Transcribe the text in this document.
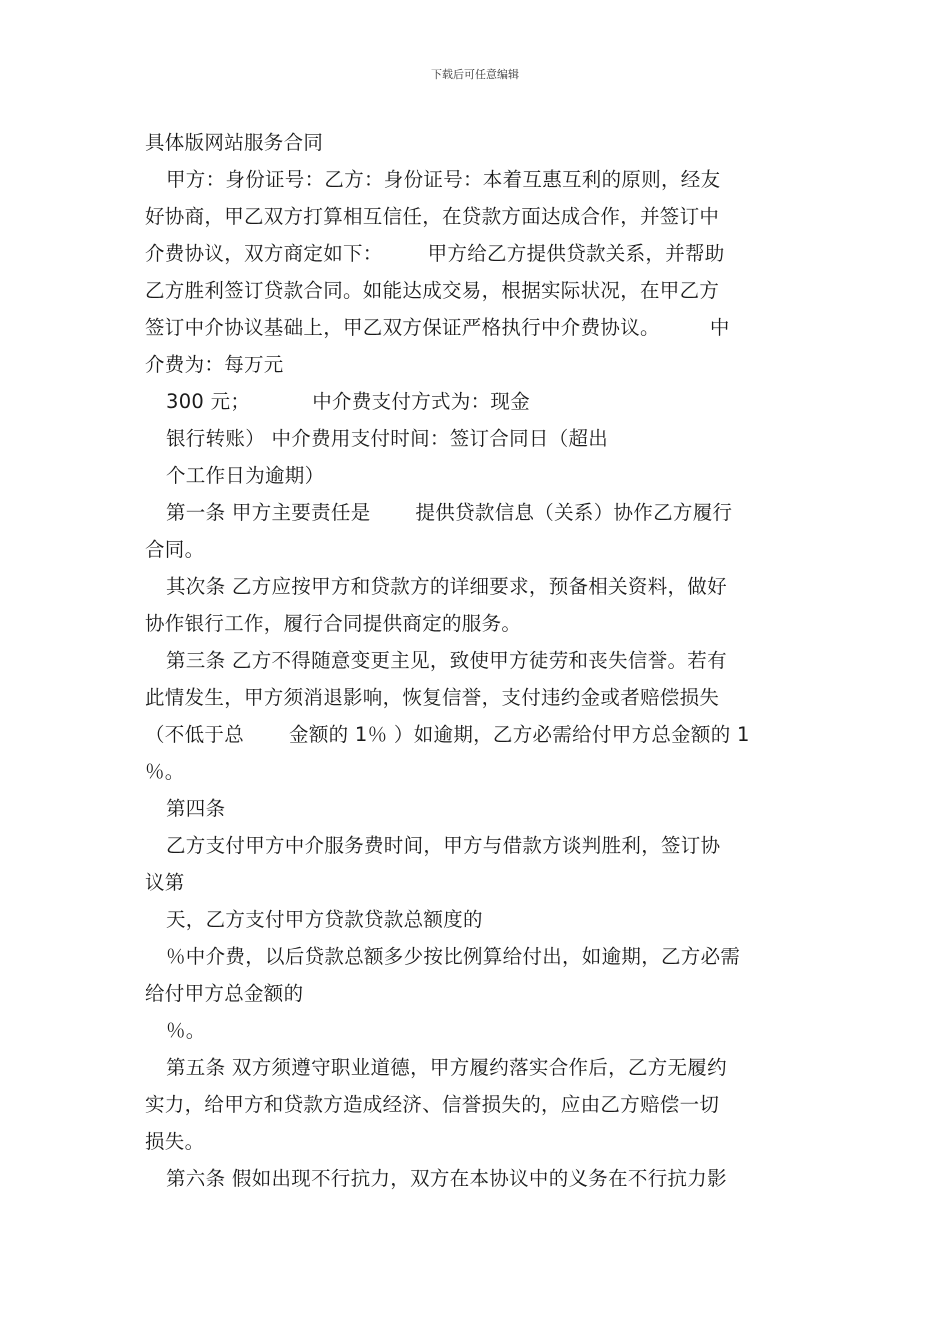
下载后可任意编辑
具体版网站服务合同
甲方：身份证号：乙方：身份证号：本着互惠互利的原则，经友
好协商，甲乙双方打算相互信任，在贷款方面达成合作，并签订中
介费协议，双方商定如下： 甲方给乙方提供贷款关系，并帮助
乙方胜利签订贷款合同。如能达成交易，根据实际状况，在甲乙方
签订中介协议基础上，甲乙双方保证严格执行中介费协议。	中
介费为：每万元
300 元；	中介费支付方式为：现金
银行转账） 中介费用支付时间：签订合同日（超出
个工作日为逾期）
第一条 甲方主要责任是 提供贷款信息（关系）协作乙方履行
合同。
其次条 乙方应按甲方和贷款方的详细要求，预备相关资料，做好
协作银行工作，履行合同提供商定的服务。
第三条 乙方不得随意变更主见，致使甲方徒劳和丧失信誉。若有
此情发生，甲方须消退影响，恢复信誉，支付违约金或者赔偿损失
（不低于总 金额的 1％ ）如逾期，乙方必需给付甲方总金额的 1
％。
第四条
乙方支付甲方中介服务费时间，甲方与借款方谈判胜利，签订协
议第
天，乙方支付甲方贷款贷款总额度的
％中介费，以后贷款总额多少按比例算给付出，如逾期，乙方必需
给付甲方总金额的
％。
第五条 双方须遵守职业道德，甲方履约落实合作后，乙方无履约
实力，给甲方和贷款方造成经济、信誉损失的，应由乙方赔偿一切
损失。
第六条 假如出现不行抗力，双方在本协议中的义务在不行抗力影
